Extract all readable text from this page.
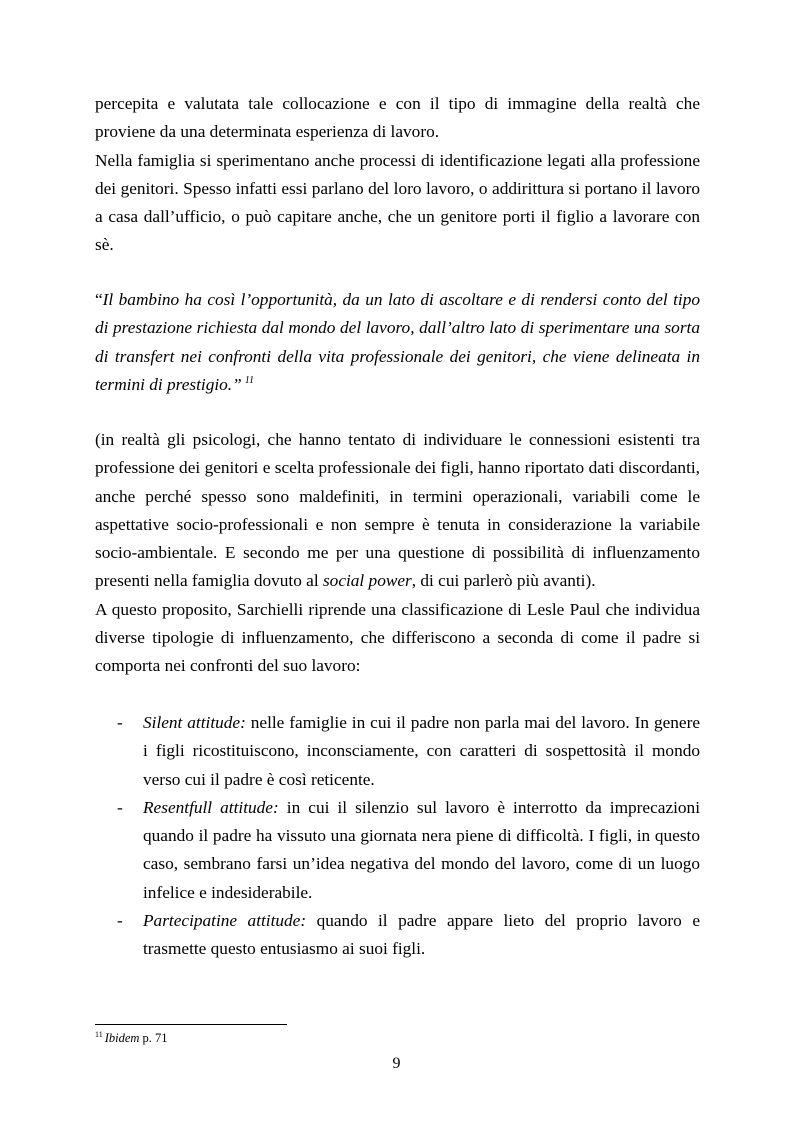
percepita e valutata tale collocazione e con il tipo di immagine della realtà che proviene da una determinata esperienza di lavoro.
Nella famiglia si sperimentano anche processi di identificazione legati alla professione dei genitori. Spesso infatti essi parlano del loro lavoro, o addirittura si portano il lavoro a casa dall’ufficio, o può capitare anche, che un genitore porti il figlio a lavorare con sè.

“Il bambino ha così l’opportunità, da un lato di ascoltare e di rendersi conto del tipo di prestazione richiesta dal mondo del lavoro, dall’altro lato di sperimentare una sorta di transfert nei confronti della vita professionale dei genitori, che viene delineata in termini di prestigio.” $^{11}$

(in realtà gli psicologi, che hanno tentato di individuare le connessioni esistenti tra professione dei genitori e scelta professionale dei figli, hanno riportato dati discordanti, anche perché spesso sono maldefiniti, in termini operazionali, variabili come le aspettative socio-professionali e non sempre è tenuta in considerazione la variabile socio-ambientale. E secondo me per una questione di possibilità di influenzamento presenti nella famiglia dovuto al social power, di cui parlerò più avanti).
A questo proposito, Sarchielli riprende una classificazione di Lesle Paul che individua diverse tipologie di influenzamento, che differiscono a seconda di come il padre si comporta nei confronti del suo lavoro:

- Silent attitude: nelle famiglie in cui il padre non parla mai del lavoro. In genere i figli ricostituiscono, inconsciamente, con caratteri di sospettosità il mondo verso cui il padre è così reticente.
- Resentfull attitude: in cui il silenzio sul lavoro è interrotto da imprecazioni quando il padre ha vissuto una giornata nera piene di difficoltà. I figli, in questo caso, sembrano farsi un’idea negativa del mondo del lavoro, come di un luogo infelice e indesiderabile.
- Partecipatine attitude: quando il padre appare lieto del proprio lavoro e trasmette questo entusiasmo ai suoi figli.
$^{11}$ Ibidem p. 71
9
